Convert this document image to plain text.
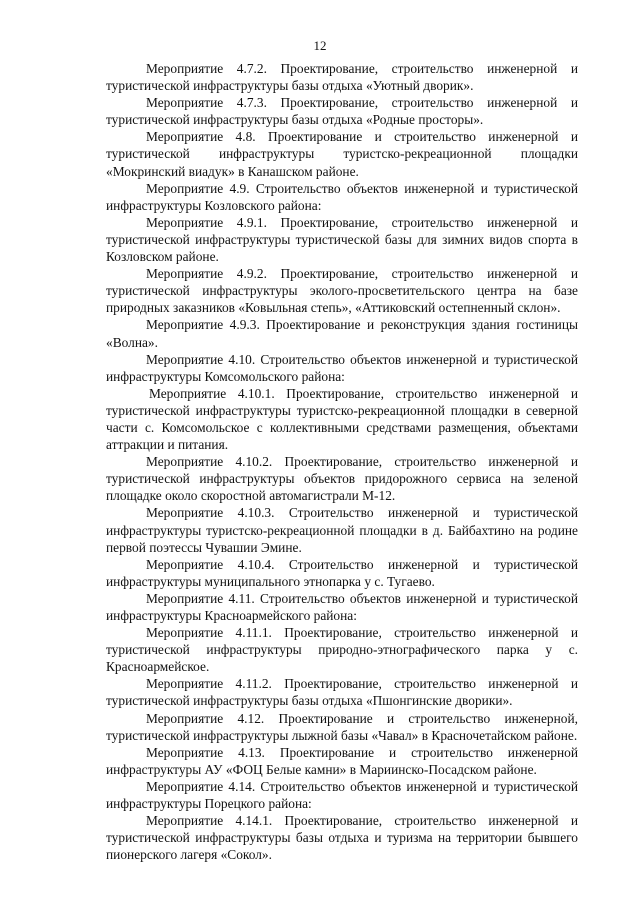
12

Мероприятие 4.7.2. Проектирование, строительство инженерной и туристической инфраструктуры базы отдыха «Уютный дворик».

Мероприятие 4.7.3. Проектирование, строительство инженерной и туристической инфраструктуры базы отдыха «Родные просторы».

Мероприятие 4.8. Проектирование и строительство инженерной и туристической инфраструктуры туристско-рекреационной площадки «Мокринский виадук» в Канашском районе.

Мероприятие 4.9. Строительство объектов инженерной и туристической инфраструктуры Козловского района:

Мероприятие 4.9.1. Проектирование, строительство инженерной и туристической инфраструктуры туристической базы для зимних видов спорта в Козловском районе.

Мероприятие 4.9.2. Проектирование, строительство инженерной и туристической инфраструктуры эколого-просветительского центра на базе природных заказников «Ковыльная степь», «Аттиковский остепненный склон».

Мероприятие 4.9.3. Проектирование и реконструкция здания гостиницы «Волна».

Мероприятие 4.10. Строительство объектов инженерной и туристической инфраструктуры Комсомольского района:

Мероприятие 4.10.1. Проектирование, строительство инженерной и туристической инфраструктуры туристско-рекреационной площадки в северной части с. Комсомольское с коллективными средствами размещения, объектами аттракции и питания.

Мероприятие 4.10.2. Проектирование, строительство инженерной и туристической инфраструктуры объектов придорожного сервиса на зеленой площадке около скоростной автомагистрали М-12.

Мероприятие 4.10.3. Строительство инженерной и туристической инфраструктуры туристско-рекреационной площадки в д. Байбахтино на родине первой поэтессы Чувашии Эмине.

Мероприятие 4.10.4. Строительство инженерной и туристической инфраструктуры муниципального этнопарка у с. Тугаево.

Мероприятие 4.11. Строительство объектов инженерной и туристической инфраструктуры Красноармейского района:

Мероприятие 4.11.1. Проектирование, строительство инженерной и туристической инфраструктуры природно-этнографического парка у с. Красноармейское.

Мероприятие 4.11.2. Проектирование, строительство инженерной и туристической инфраструктуры базы отдыха «Пшонгинские дворики».

Мероприятие 4.12. Проектирование и строительство инженерной, туристической инфраструктуры лыжной базы «Чавал» в Красночетайском районе.

Мероприятие 4.13. Проектирование и строительство инженерной инфраструктуры АУ «ФОЦ Белые камни» в Мариинско-Посадском районе.

Мероприятие 4.14. Строительство объектов инженерной и туристической инфраструктуры Порецкого района:

Мероприятие 4.14.1. Проектирование, строительство инженерной и туристической инфраструктуры базы отдыха и туризма на территории бывшего пионерского лагеря «Сокол».
